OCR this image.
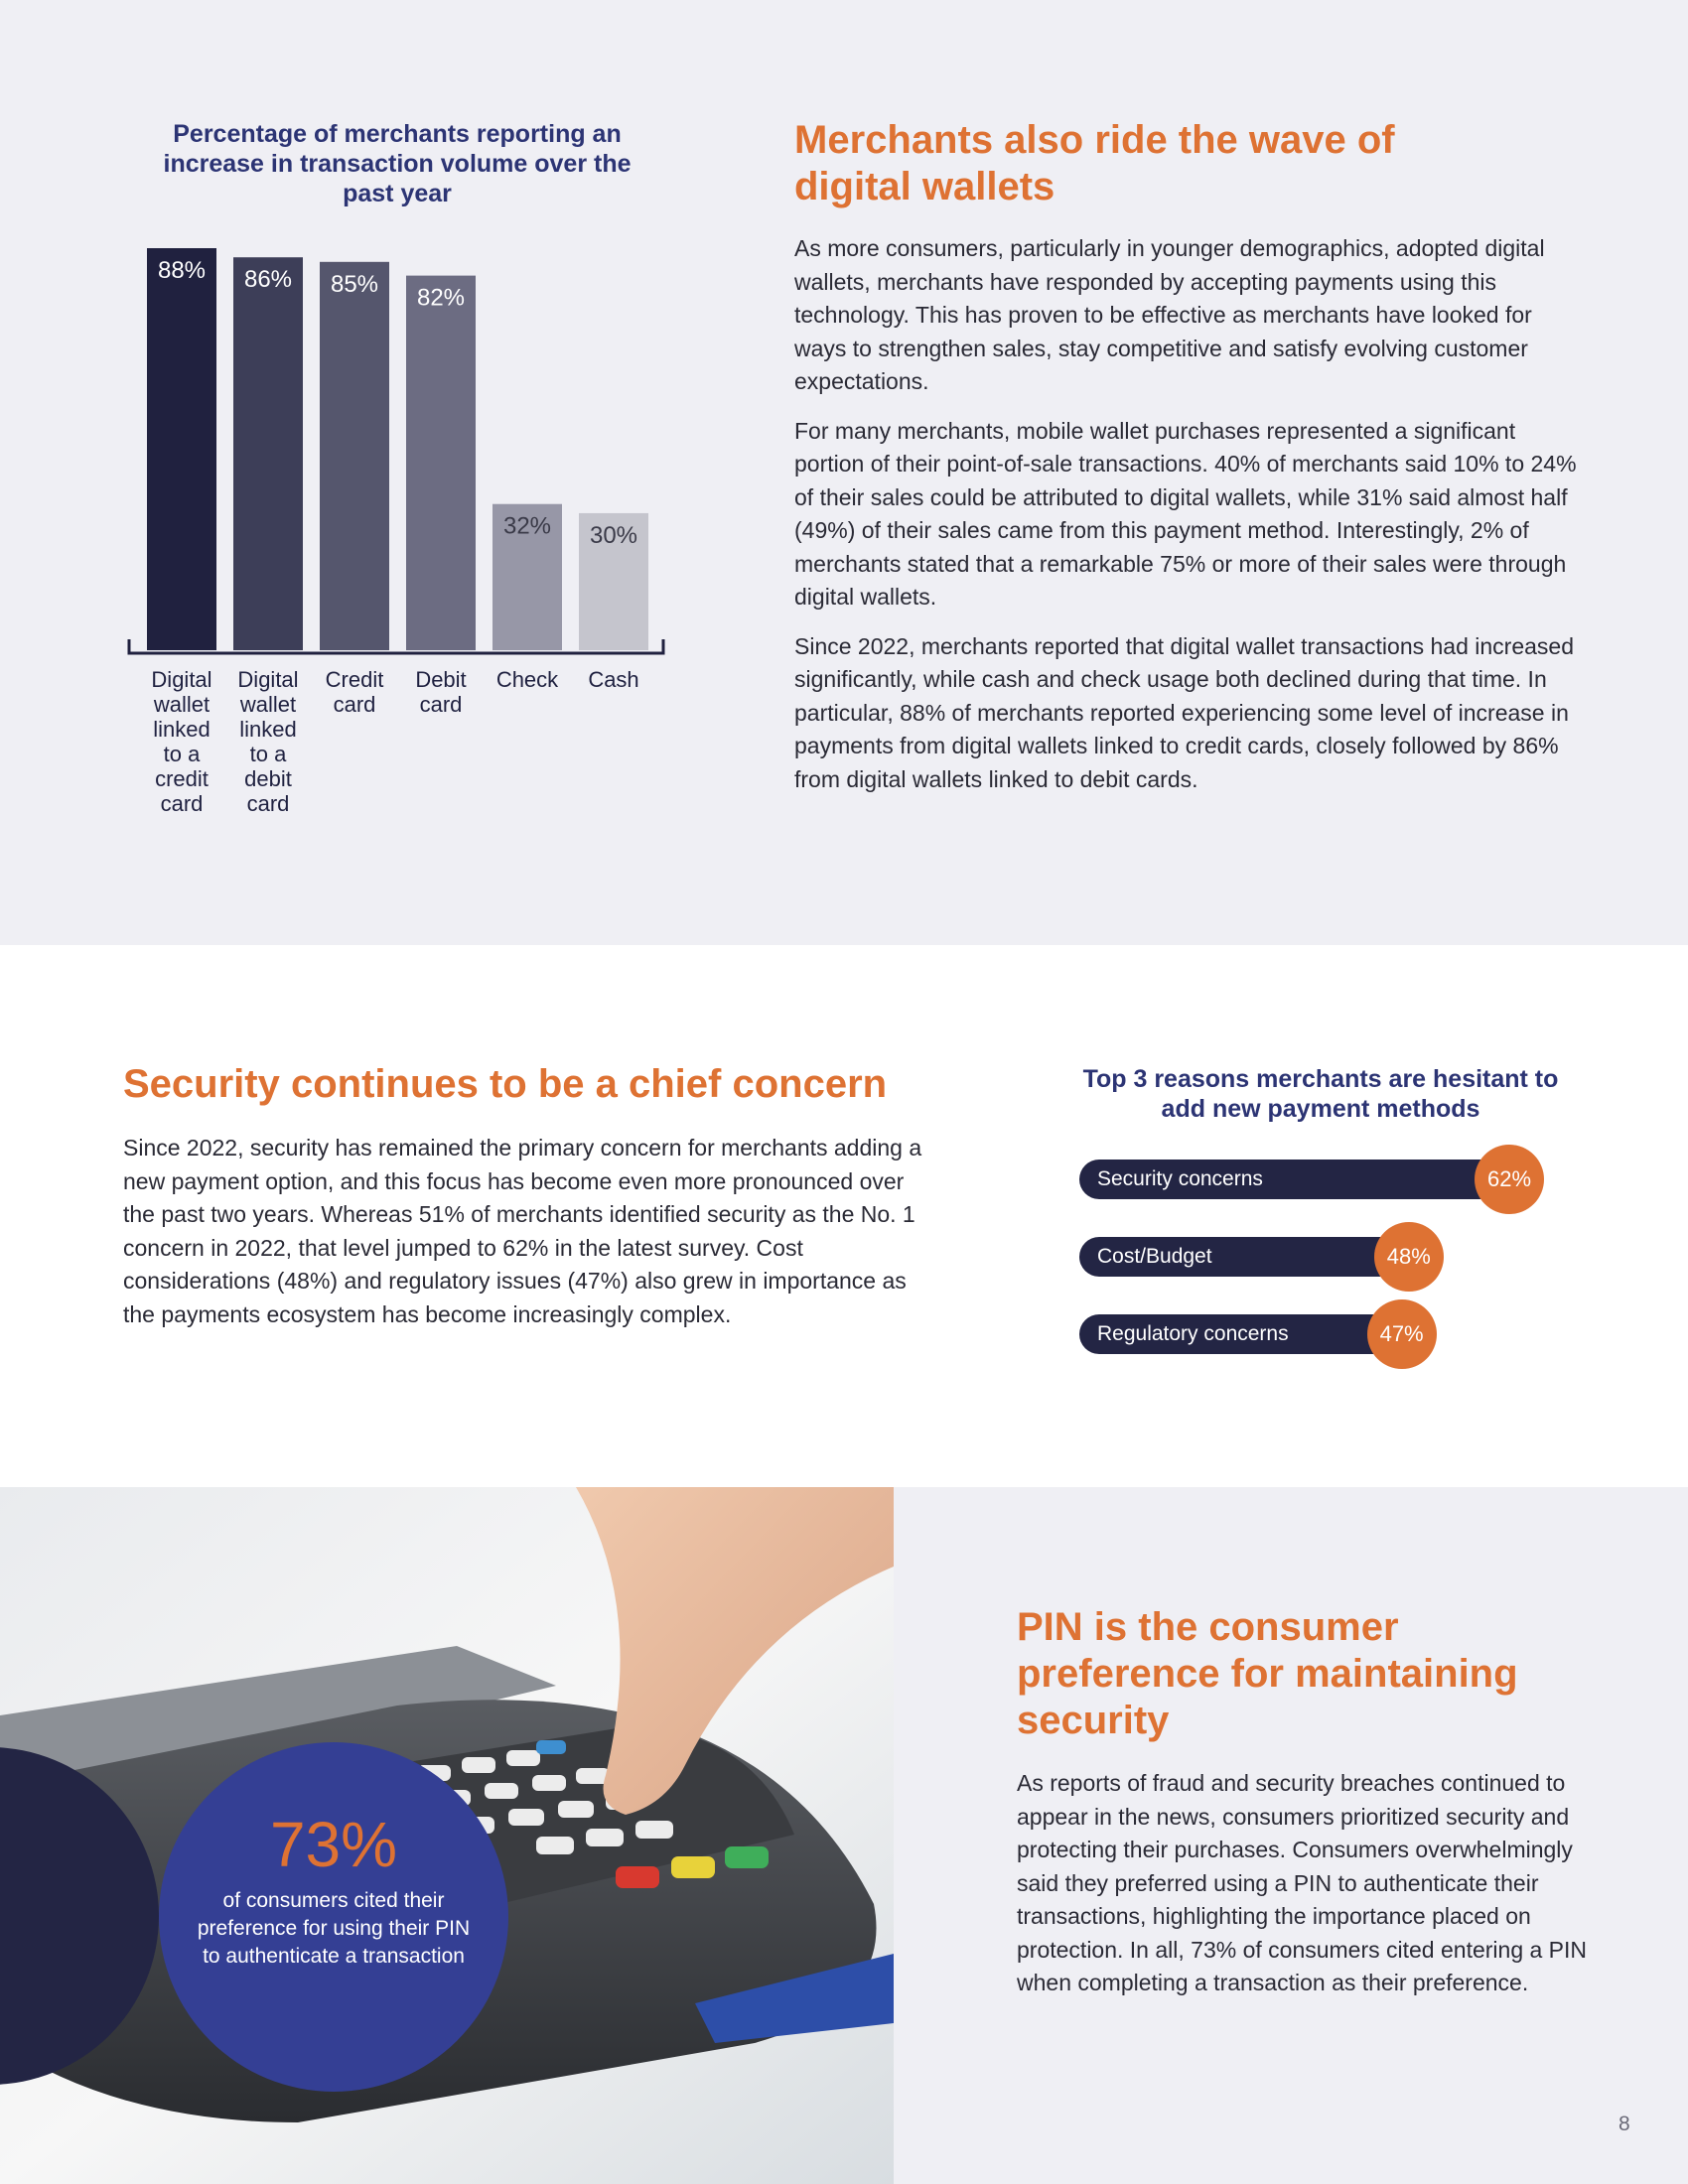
Percentage of merchants reporting an increase in transaction volume over the past year
88% 86% 85%
82%
32% 30%
Digital
wallet
linked
to a
credit
card
Digital
wallet
linked
to a
debit
card
Credit
card
Debit
card
Check	Cash
Merchants also ride the wave of digital wallets

As more consumers, particularly in younger demographics, adopted digital wallets, merchants have responded by accepting payments using this technology. This has proven to be effective as merchants have looked for ways to strengthen sales, stay competitive and satisfy evolving customer expectations.

For many merchants, mobile wallet purchases represented a significant portion of their point-of-sale transactions. 40% of merchants said 10% to 24% of their sales could be attributed to digital wallets, while 31% said almost half (49%) of their sales came from this payment method. Interestingly, 2% of merchants stated that a remarkable 75% or more of their sales were through digital wallets.

Since 2022, merchants reported that digital wallet transactions had increased significantly, while cash and check usage both declined during that time. In particular, 88% of merchants reported experiencing some level of increase in payments from digital wallets linked to credit cards, closely followed by 86% from digital wallets linked to debit cards.

Security continues to be a chief concern

Since 2022, security has remained the primary concern for merchants adding a new payment option, and this focus has become even more pronounced over the past two years. Whereas 51% of merchants identified security as the No. 1 concern in 2022, that level jumped to 62% in the latest survey. Cost considerations (48%) and regulatory issues (47%) also grew in importance as the payments ecosystem has become increasingly complex.

Top 3 reasons merchants are hesitant to add new payment methods
Security concerns	62%
Cost/Budget	48%
Regulatory concerns	47%
73%
of consumers cited their preference for using their PIN to authenticate a transaction
PIN is the consumer preference for maintaining security

As reports of fraud and security breaches continued to appear in the news, consumers prioritized security and protecting their purchases. Consumers overwhelmingly said they preferred using a PIN to authenticate their transactions, highlighting the importance placed on protection. In all, 73% of consumers cited entering a PIN when completing a transaction as their preference.

8
